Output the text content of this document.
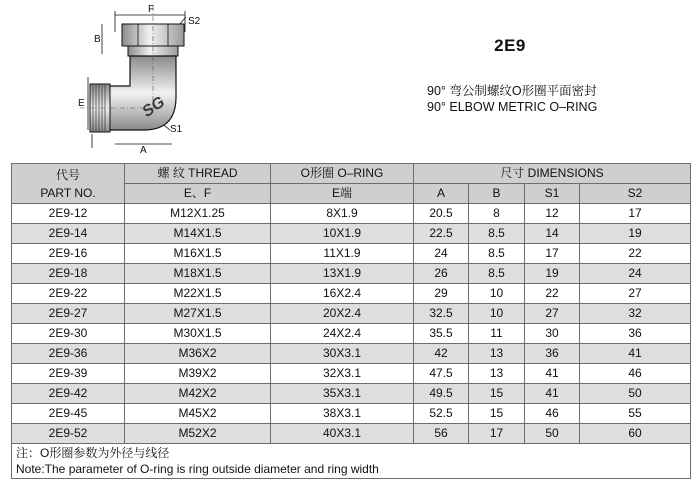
F
S2
B
E
S1
A
SG
2E9
90° 弯公制螺纹O形圈平面密封
90° ELBOW METRIC O–RING
代号
PART NO.	螺 纹 THREAD	O形圈 O–RING	尺寸 DIMENSIONS			
	E、F	E端	A	B	S1	S2
2E9-12	M12X1.25	8X1.9	20.5	8	12	17
2E9-14	M14X1.5	10X1.9	22.5	8.5	14	19
2E9-16	M16X1.5	11X1.9	24	8.5	17	22
2E9-18	M18X1.5	13X1.9	26	8.5	19	24
2E9-22	M22X1.5	16X2.4	29	10	22	27
2E9-27	M27X1.5	20X2.4	32.5	10	27	32
2E9-30	M30X1.5	24X2.4	35.5	11	30	36
2E9-36	M36X2	30X3.1	42	13	36	41
2E9-39	M39X2	32X3.1	47.5	13	41	46
2E9-42	M42X2	35X3.1	49.5	15	41	50
2E9-45	M45X2	38X3.1	52.5	15	46	55
2E9-52	M52X2	40X3.1	56	17	50	60
注：O形圈参数为外径与线径
Note:The parameter of O-ring is ring outside diameter and ring width						
